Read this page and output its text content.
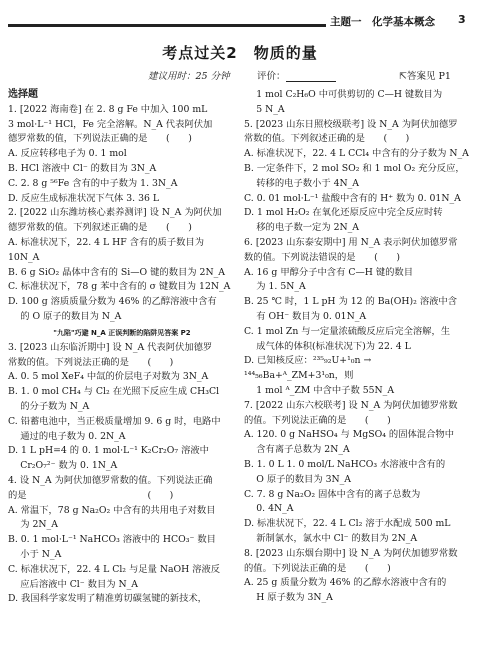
主题一　化学基本概念 3
考点过关2　物质的量
建议用时：25 分钟	评价：	⇱答案见 P1
选择题
1. [2022 海南卷] 在 2. 8 g Fe 中加入 100 mL
3 mol·L⁻¹ HCl，Fe 完全溶解。N_A 代表阿伏加
德罗常数的值，下列说法正确的是　　(　　)
A. 反应转移电子为 0. 1 mol
B. HCl 溶液中 Cl⁻ 的数目为 3N_A
C. 2. 8 g ⁵⁶Fe 含有的中子数为 1. 3N_A
D. 反应生成标准状况下气体 3. 36 L
2. [2022 山东潍坊核心素养测评] 设 N_A 为阿伏加
德罗常数的值。下列叙述正确的是　　(　　)
A. 标准状况下，22. 4 L HF 含有的质子数目为 10N_A
B. 6 g SiO₂ 晶体中含有的 Si—O 键的数目为 2N_A
C. 标准状况下，78 g 苯中含有的 σ 键数目为 12N_A
D. 100 g 溶质质量分数为 46% 的乙醇溶液中含有
　 的 O 原子的数目为 N_A
"九陷"巧避 N_A 正误判断的陷阱见答案 P2
3. [2023 山东临沂期中] 设 N_A 代表阿伏加德罗
常数的值。下列说法正确的是　　(　　)
A. 0. 5 mol XeF₄ 中氙的价层电子对数为 3N_A
B. 1. 0 mol CH₄ 与 Cl₂ 在光照下反应生成 CH₃Cl
　 的分子数为 N_A
C. 铅蓄电池中，当正极质量增加 9. 6 g 时，电路中
　 通过的电子数为 0. 2N_A
D. 1 L pH=4 的 0. 1 mol·L⁻¹ K₂Cr₂O₇ 溶液中
　 Cr₂O₇²⁻ 数为 0. 1N_A
4. 设 N_A 为阿伏加德罗常数的值。下列说法正确
的是　　　　　　　　　　　　　(　　)
A. 常温下，78 g Na₂O₂ 中含有的共用电子对数目
　 为 2N_A
B. 0. 1 mol·L⁻¹ NaHCO₃ 溶液中的 HCO₃⁻ 数目
　 小于 N_A
C. 标准状况下，22. 4 L Cl₂ 与足量 NaOH 溶液反
　 应后溶液中 Cl⁻ 数目为 N_A
D. 我国科学家发明了精准剪切碳氢键的新技术，
　 1 mol C₂H₆O 中可供剪切的 C—H 键数目为
　 5 N_A
5. [2023 山东日照校级联考] 设 N_A 为阿伏加德罗
常数的值。下列叙述正确的是　　(　　)
A. 标准状况下，22. 4 L CCl₄ 中含有的分子数为 N_A
B. 一定条件下，2 mol SO₂ 和 1 mol O₂ 充分反应，
　 转移的电子数小于 4N_A
C. 0. 01 mol·L⁻¹ 盐酸中含有的 H⁺ 数为 0. 01N_A
D. 1 mol H₂O₂ 在氧化还原反应中完全反应时转
　 移的电子数一定为 2N_A
6. [2023 山东泰安期中] 用 N_A 表示阿伏加德罗常
数的值。下列说法错误的是　　(　　)
A. 16 g 甲醇分子中含有 C—H 键的数目
　 为 1. 5N_A
B. 25 ℃ 时，1 L pH 为 12 的 Ba(OH)₂ 溶液中含
　 有 OH⁻ 数目为 0. 01N_A
C. 1 mol Zn 与一定量浓硫酸反应后完全溶解，生
　 成气体的体积(标准状况下)为 22. 4 L
D. 已知核反应：²³⁵₉₂U+¹₀n → ¹⁴⁴₅₆Ba+ᴬ_ZM+3¹₀n，则
　 1 mol ᴬ_ZM 中含中子数 55N_A
7. [2022 山东六校联考] 设 N_A 为阿伏加德罗常数
的值。下列说法正确的是　　(　　)
A. 120. 0 g NaHSO₄ 与 MgSO₄ 的固体混合物中
　 含有离子总数为 2N_A
B. 1. 0 L 1. 0 mol/L NaHCO₃ 水溶液中含有的
　 O 原子的数目为 3N_A
C. 7. 8 g Na₂O₂ 固体中含有的离子总数为
　 0. 4N_A
D. 标准状况下，22. 4 L Cl₂ 溶于水配成 500 mL
　 新制氯水，氯水中 Cl⁻ 的数目为 2N_A
8. [2023 山东烟台期中] 设 N_A 为阿伏加德罗常数
的值。下列说法正确的是　　(　　)
A. 25 g 质量分数为 46% 的乙醇水溶液中含有的
　 H 原子数为 3N_A
